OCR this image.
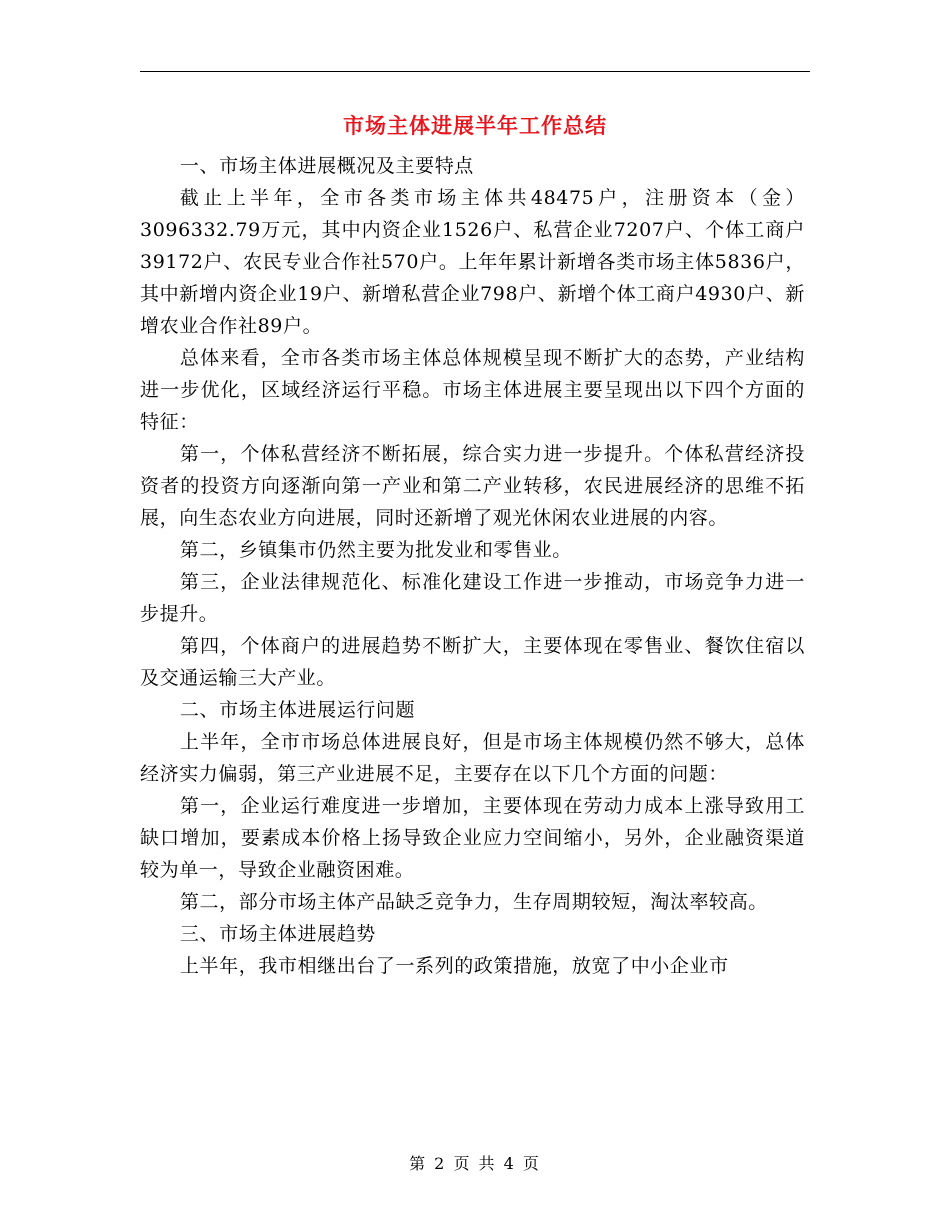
市场主体进展半年工作总结

一、市场主体进展概况及主要特点

截止上半年，全市各类市场主体共48475户，注册资本（金）3096332.79万元，其中内资企业1526户、私营企业7207户、个体工商户39172户、农民专业合作社570户。上年年累计新增各类市场主体5836户，其中新增内资企业19户、新增私营企业798户、新增个体工商户4930户、新增农业合作社89户。

总体来看，全市各类市场主体总体规模呈现不断扩大的态势，产业结构进一步优化，区域经济运行平稳。市场主体进展主要呈现出以下四个方面的特征：

第一，个体私营经济不断拓展，综合实力进一步提升。个体私营经济投资者的投资方向逐渐向第一产业和第二产业转移，农民进展经济的思维不拓展，向生态农业方向进展，同时还新增了观光休闲农业进展的内容。

第二，乡镇集市仍然主要为批发业和零售业。

第三，企业法律规范化、标准化建设工作进一步推动，市场竞争力进一步提升。

第四，个体商户的进展趋势不断扩大，主要体现在零售业、餐饮住宿以及交通运输三大产业。

二、市场主体进展运行问题

上半年，全市市场总体进展良好，但是市场主体规模仍然不够大，总体经济实力偏弱，第三产业进展不足，主要存在以下几个方面的问题：

第一，企业运行难度进一步增加，主要体现在劳动力成本上涨导致用工缺口增加，要素成本价格上扬导致企业应力空间缩小，另外，企业融资渠道较为单一，导致企业融资困难。

第二，部分市场主体产品缺乏竞争力，生存周期较短，淘汰率较高。

三、市场主体进展趋势

上半年，我市相继出台了一系列的政策措施，放宽了中小企业市

第 2 页 共 4 页
